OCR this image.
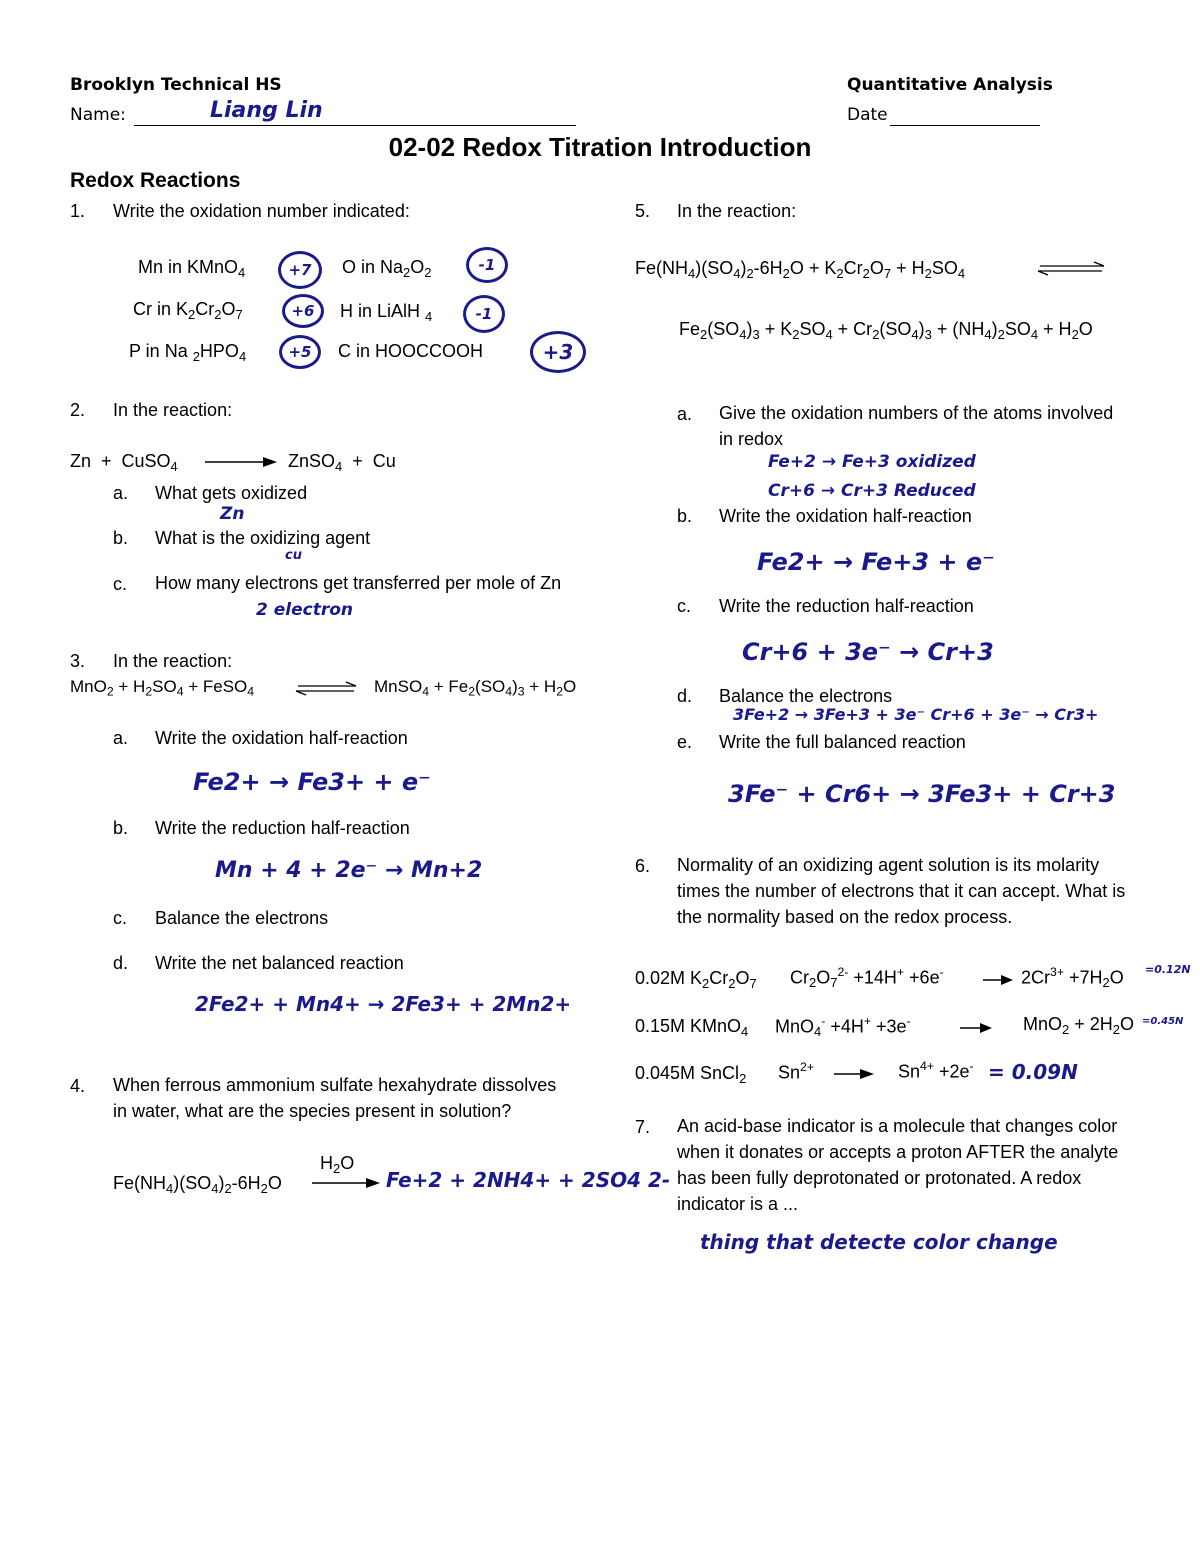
Brooklyn Technical HS	Quantitative Analysis
Name:	Liang Lin	Date
02-02 Redox Titration Introduction
Redox Reactions
1. Write the oxidation number indicated:
Mn in KMnO$_4$	+7	O in $Na_2O_2$	-1
Cr in $K_2Cr_2O_7$	+6	H in LiAlH $_4$	-1
P in Na $_2HPO_4$	+5	C in HOOCCOOH	+3
2. In the reaction:
Zn  +  CuSO$_4$	ZnSO$_4$  +  Cu
a. What gets oxidized
Zn
b. What is the oxidizing agent
cu
c. How many electrons get transferred per mole of Zn
2 electron
3. In the reaction:
$MnO_2 + H_2SO_4$ + FeSO$_4$	⇌ MnSO$_4$ + $Fe_2(SO_4)_3 + H_2O$
a. Write the oxidation half-reaction
Fe2+ → Fe3+ + e⁻
b. Write the reduction half-reaction
Mn + 4 + 2e⁻ → Mn+2
c. Balance the electrons
d. Write the net balanced reaction
2Fe2+ + Mn4+ → 2Fe3+ + 2Mn2+
4. When ferrous ammonium sulfate hexahydrate dissolves in water, what are the species present in solution?
$Fe(NH_4)(SO_4)_2-6H_2O$
$H_2O$
Fe+2 + 2NH4+ + 2SO4 2-
5. In the reaction:
$Fe(NH_4)(SO_4)_2-6H_2O + K_2Cr_2O_7 + H_2SO_4$
$Fe_2(SO_4)_3 + K_2SO_4 + Cr_2(SO_4)_3 + (NH_4)_2SO_4 + H_2O$
a. Give the oxidation numbers of the atoms involved in redox
Fe+2 → Fe+3 oxidized
Cr+6 → Cr+3 Reduced
b. Write the oxidation half-reaction
Fe2+ → Fe+3 + e⁻
c. Write the reduction half-reaction
Cr+6 + 3e⁻ → Cr+3
d. Balance the electrons
3Fe+2 → 3Fe+3 + 3e⁻ Cr+6 + 3e⁻ → Cr3+
e. Write the full balanced reaction
3Fe⁻ + Cr6+ → 3Fe3+ + Cr+3
6. Normality of an oxidizing agent solution is its molarity times the number of electrons that it can accept. What is the normality based on the redox process.
0.02M $K_2Cr_2O_7$ $Cr_2O_7^{2-} +14H^+ +6e^- \to 2Cr^{3+} +7H_2O =0.12N$
0.15M KMnO$_4$ MnO$_4$- +4H+ +3e-	$MnO_2 + 2H_2O =0.45N$
0.045M SnCl$_2$ $Sn^{2+} \to Sn^{4+} +2e^- = 0.09N$
7. An acid-base indicator is a molecule that changes color when it donates or accepts a proton AFTER the analyte has been fully deprotonated or protonated. A redox indicator is a ...
thing that detecte color change
